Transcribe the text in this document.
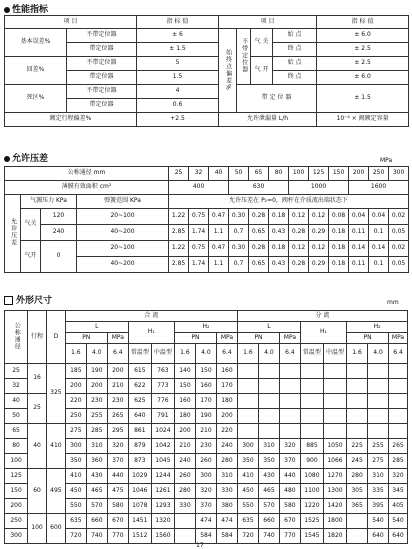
性能指标
项 目		指 标 值	项 目				指 标 值
基本误差%	不带定位器	± 6	始终点偏差%	不带定位器	气 关	始 点	± 6.0
	带定位器	± 1.5				终 点	± 2.5
回差%	不带定位器	5			气 开	始 点	± 2.5
	带定位器	1.5				终 点	± 6.0
死区%	不带定位器	4		带 定 位 器			± 1.5
	带定位器	0.6					
额定行程偏差%		+2.5	允许泄漏量 L/h				10⁻⁴ × 阀额定容量
允许压差	MPa
公称通径 mm				25	32	40	50	65	80	100	125	150	200	250	300
薄膜有效面积 cm²				400			630			1000			1600		
允许压差	气源压力 KPa		弹簧范围 KPa	允许压差在 P₂=0，阀杆在介质流出端状态下											
	气关	120	20~100	1.22	0.75	0.47	0.30	0.28	0.18	0.12	0.12	0.08	0.04	0.04	0.02
		240	40~200	2.85	1.74	1.1	0.7	0.65	0.43	0.28	0.29	0.18	0.11	0.1	0.05
	气开	0	20~100	1.22	0.75	0.47	0.30	0.28	0.18	0.12	0.12	0.18	0.14	0.14	0.02
			40~200	2.85	1.74	1.1	0.7	0.65	0.43	0.28	0.29	0.18	0.11	0.1	0.05
外形尺寸	mm
公称通径	行程	D	合 流								分 流							
			L			H₁		H₂			L			H₁		H₂		
			PN		MPa			PN		MPa	PN		MPa			PN		MPa
			1.6	4.0	6.4	常温型	中温型	1.6	4.0	6.4	1.6	4.0	6.4	常温型	中温型	1.6	4.0	6.4
25	16	325	185	190	200	615	763	140	150	160								
32			200	200	210	622	773	150	160	170								
40	25		220	230	230	625	776	160	170	180								
50			250	255	265	640	791	180	190	200								
65	40	410	275	285	295	861	1024	200	210	220								
80			300	310	320	879	1042	210	230	240	300	310	320	885	1050	225	255	265
100			350	360	370	873	1045	240	260	280	350	350	370	900	1066	245	275	285
125	60	495	410	430	440	1029	1244	260	300	310	410	430	440	1080	1270	280	310	320
150			450	465	475	1046	1261	280	320	330	450	465	480	1100	1300	305	335	345
200			550	570	580	1078	1293	330	370	380	550	570	580	1220	1420	365	395	405
250	100	600	635	660	670	1451	1320		474	474	635	660	670	1525	1800		540	540
300			720	740	770	1512	1560		584	584	720	740	770	1545	1820		640	640
17
